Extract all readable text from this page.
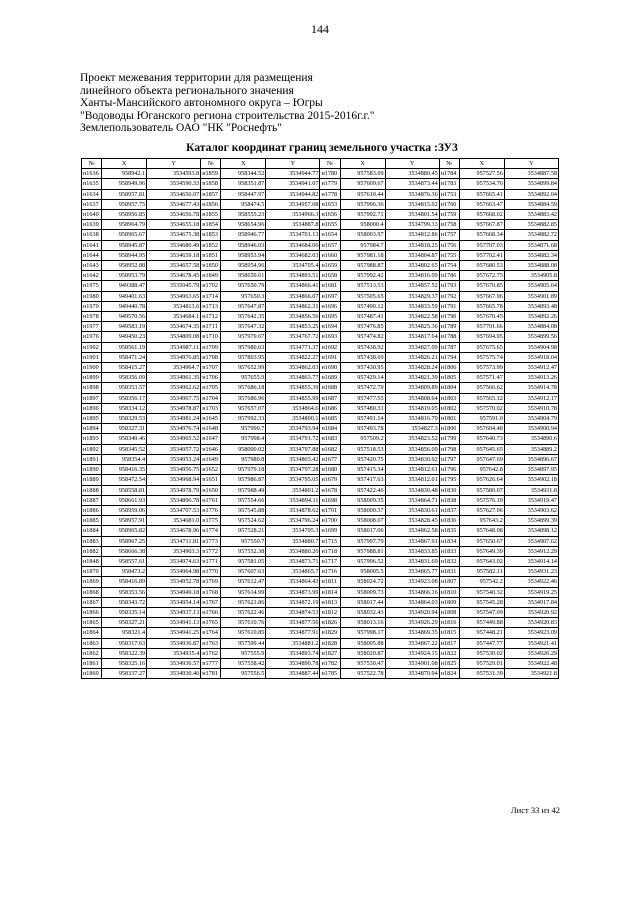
144
Проект межевания территории для размещения
линейного объекта регионального значения
Ханты-Мансийского автономного округа – Югры
"Водоводы Юганского региона строительства 2015-2016г.г."
Землепользователь ОАО "НК "Роснефть"
Каталог координат границ земельного участка :ЗУ3
№	X	Y	№	X	Y	№	X	Y	№	X	Y
н1636	958942.1	3534593.8	н1859	958344.52	3534944.77	н1780	957583.09	3534880.45	н1784	957527.56	3534887.58
н1635	958949.96	3534590.33	н1858	958351.87	3534941.07	н1779	957609.67	3534873.44	н1783	957534.76	3534899.84
н1634	958957.81	3534656.07	н1857	958447.97	3534944.82	н1778	957610.44	3534876.36	н1753	957665.41	3534892.04
н1637	958957.75	3534677.43	н1856	958474.5	3534957.08	н1653	957996.36	3534815.02	н1760	957663.47	3534884.59
н1640	958956.85	3534656.78	н1855	958555.23	3534966.3	н1656	957992.71	3534801.54	н1759	957668.02	3534883.42
н1639	958964.79	3534655.18	н1854	958654.96	3534887.8	н1655	958000.4	3534799.33	н1758	957667.87	3534882.85
н1638	958965.67	3534675.38	н1853	958946.77	3534701.13	н1654	958003.97	3534812.86	н1757	957668.34	3534882.72
н1641	958945.87	3534680.49	н1852	958946.03	3534684.06	н1657	957984.7	3534818.25	н1756	957707.03	3534871.68
н1644	958944.95	3534659.18	н1851	958953.94	3534682.03	н1660	957981.18	3534804.87	н1755	957702.41	3534882.34
н1643	958952.88	3534657.58	н1850	958954.96	3534705.4	н1659	957988.87	3534802.65	н1754	957680.53	3534888.08
н1642	958953.79	3534678.45	н1849	958659.61	3534893.51	н1658	957992.42	3534816.09	н1786	957672.75	3534905.8
н1975	949388.47	3535045.79	н1702	957650.79	3534866.41	н1681	957513.53	3534857.52	н1793	957670.85	3534905.64
н1980	949401.63	3534963.65	н1714	957650.3	3534866.07	н1697	957505.65	3534829.37	н1792	957667.96	3534901.89
н1979	949440.78	3534813.6	н1713	957647.87	3534862.31	н1696	957490.12	3534833.59	н1791	957665.78	3534893.48
н1978	949570.56	3534684.1	н1712	957642.35	3534856.56	н1695	957487.41	3534822.58	н1790	957670.45	3534892.26
н1977	949583.19	3534674.35	н1711	957647.32	3534853.25	н1694	957476.85	3534825.36	н1789	957701.66	3534884.08
н1976	949450.23	3534809.08	н1710	957979.67	3534767.72	н1693	957474.82	3534817.64	н1788	957694.95	3534899.56
н1902	958561.19	3534987.11	н1709	957980.63	3534771.37	н1692	957438.92	3534827.09	н1787	957675.65	3534904.98
н1901	958471.24	3534976.85	н1708	957803.95	3534822.27	н1691	957438.69	3534826.21	н1794	957575.74	3534918.04
н1900	958415.27	3534964.7	н1707	957652.99	3534862.03	н1690	957430.95	3534828.24	н1806	957573.99	3534912.47
н1899	958356.09	3534961.35	н1706	957655.9	3534863.77	н1689	957429.14	3534821.39	н1805	957571.47	3534913.26
н1898	958353.57	3534962.62	н1705	957686.18	3534855.39	н1688	957472.79	3534809.89	н1804	957566.62	3534914.78
н1897	958356.17	3534967.75	н1704	957686.96	3534855.99	н1687	957477.55	3534808.64	н1803	957565.12	3534912.17
н1896	958334.12	3534978.87	н1703	957657.07	3534864.6	н1686	957480.31	3534819.05	н1802	957570.02	3534910.78
н1895	958329.53	3534981.24	н1645	957992.33	3534800.1	н1685	957491.14	3534816.79	н1801	957591.0	3534904.79
н1894	958327.31	3534976.74	н1648	957990.7	3534793.94	н1684	957493.78	3534827.3	н1800	957604.48	3534900.94
н1893	958349.46	3534965.52	н1647	957998.4	3534791.72	н1683	957509.2	3534823.52	н1799	957640.73	3534890.6
н1892	958345.52	3534957.72	н1646	958000.02	3534797.88	н1682	957518.53	3534856.09	н1798	957645.65	3534889.2
н1891	958354.4	3534953.24	н1649	957980.8	3534803.42	н1677	957420.75	3534830.92	н1797	957647.69	3534896.67
н1890	958416.35	3534956.75	н1652	957979.18	3534797.28	н1680	957415.34	3534812.61	н1796	957642.8	3534897.95
н1889	958472.54	3534968.94	н1651	957986.87	3534795.05	н1679	957417.63	3534812.01	н1795	957626.64	3534902.18
н1888	958558.81	3534978.79	н1650	957988.49	3534801.2	н1678	957422.46	3534830.48	н1830	957580.07	3534931.8
н1887	958661.93	3534896.78	н1761	957554.66	3534894.11	н1698	958009.35	3534864.71	н1838	957576.19	3534919.47
н1886	958959.06	3534707.53	н1776	957545.88	3534878.62	н1701	958000.37	3534830.61	н1837	957627.06	3534903.62
н1885	958957.91	3534681.0	н1775	957524.62	3534796.24	н1700	958008.07	3534828.45	н1836	957643.2	3534899.39
н1884	958965.82	3534678.96	н1774	957528.21	3534795.3	н1699	958017.06	3534862.58	н1835	957648.08	3534898.12
н1883	958967.25	3534711.81	н1773	957550.7	3534880.7	н1715	957997.79	3534867.91	н1834	957650.67	3534907.62
н1882	958666.38	3534903.3	н1772	957552.38	3534880.26	н1718	957988.81	3534833.85	н1833	957649.39	3534912.29
н1848	958557.61	3534974.63	н1771	957581.05	3534873.71	н1717	957996.52	3534831.69	н1832	957643.02	3534914.14
н1870	958473.2	3534964.98	н1770	957607.63	3534865.7	н1716	958005.5	3534865.77	н1831	957582.11	3534931.23
н1869	958416.89	3534952.78	н1769	957612.47	3534864.43	н1811	958024.72	3534923.08	н1807	957542.2	3534922.46
н1868	958353.56	3534949.18	н1768	957614.99	3534873.99	н1814	958009.73	3534866.16	н1810	957540.32	3534919.25
н1867	958343.72	3534954.14	н1767	957621.86	3534872.19	н1813	958017.44	3534864.03	н1809	957545.28	3534917.84
н1866	958335.14	3534937.13	н1766	957622.46	3534874.53	н1812	958032.43	3534920.94	н1808	957547.09	3534920.92
н1865	958327.21	3534941.13	н1765	957610.76	3534877.56	н1826	958013.16	3534926.29	н1816	957449.88	3534920.83
н1864	958321.4	3534941.25	н1764	957610.85	3534877.91	н1829	957998.17	3534869.35	н1815	957448.21	3534923.09
н1863	958317.63	3534936.87	н1763	957599.44	3534881.2	н1828	958005.88	3534867.22	н1817	957447.77	3534921.41
н1862	958322.39	3534935.4	н1762	957555.9	3534893.74	н1827	958020.87	3534924.15	н1822	957530.02	3534926.29
н1861	958325.16	3534936.57	н1777	957558.42	3534890.78	н1782	957530.47	3534901.08	н1825	957529.01	3534922.48
н1860	958337.27	3534930.46	н1781	957556.5	3534887.44	н1785	957522.78	3534870.94	н1824	957531.39	3534921.8
Лист 33 из 42
